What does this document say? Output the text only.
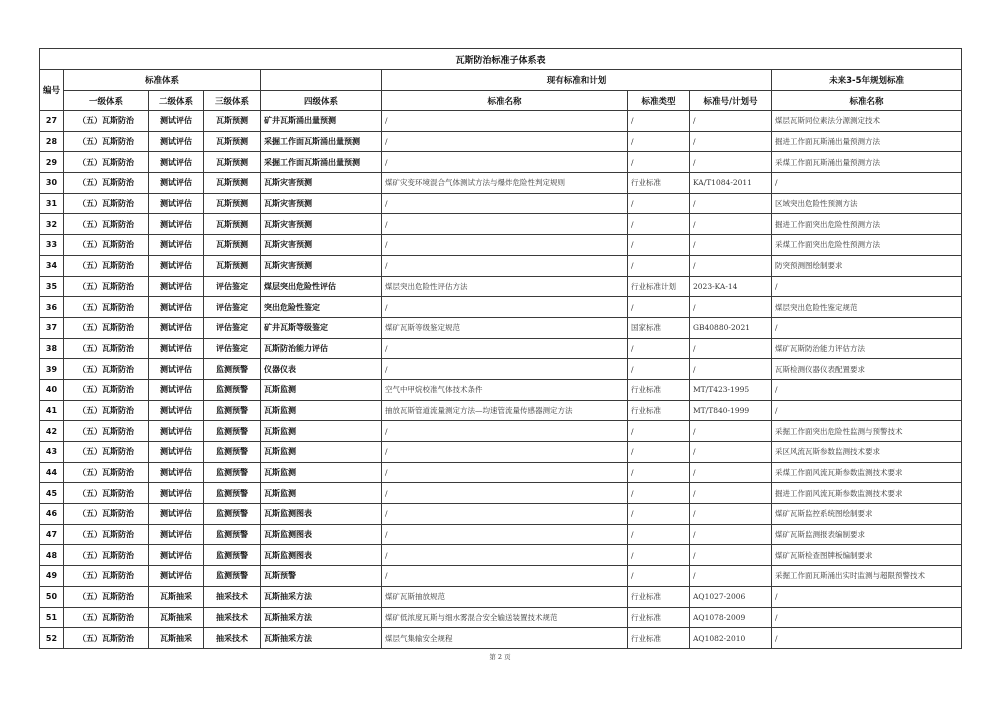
瓦斯防治标准子体系表								
编号	标准体系				现有标准和计划			未来3-5年规划标准
	一级体系	二级体系	三级体系	四级体系	标准名称	标准类型	标准号/计划号	标准名称
27	（五）瓦斯防治	测试评估	瓦斯预测	矿井瓦斯涌出量预测	/	/	/	煤层瓦斯同位素法分源测定技术
28	（五）瓦斯防治	测试评估	瓦斯预测	采掘工作面瓦斯涌出量预测	/	/	/	掘进工作面瓦斯涌出量预测方法
29	（五）瓦斯防治	测试评估	瓦斯预测	采掘工作面瓦斯涌出量预测	/	/	/	采煤工作面瓦斯涌出量预测方法
30	（五）瓦斯防治	测试评估	瓦斯预测	瓦斯灾害预测	煤矿灾变环境混合气体测试方法与爆炸危险性判定规则	行业标准	KA/T1084-2011	/
31	（五）瓦斯防治	测试评估	瓦斯预测	瓦斯灾害预测	/	/	/	区域突出危险性预测方法
32	（五）瓦斯防治	测试评估	瓦斯预测	瓦斯灾害预测	/	/	/	掘进工作面突出危险性预测方法
33	（五）瓦斯防治	测试评估	瓦斯预测	瓦斯灾害预测	/	/	/	采煤工作面突出危险性预测方法
34	（五）瓦斯防治	测试评估	瓦斯预测	瓦斯灾害预测	/	/	/	防突预测图绘制要求
35	（五）瓦斯防治	测试评估	评估鉴定	煤层突出危险性评估	煤层突出危险性评估方法	行业标准计划	2023-KA-14	/
36	（五）瓦斯防治	测试评估	评估鉴定	突出危险性鉴定	/	/	/	煤层突出危险性鉴定规范
37	（五）瓦斯防治	测试评估	评估鉴定	矿井瓦斯等级鉴定	煤矿瓦斯等级鉴定规范	国家标准	GB40880-2021	/
38	（五）瓦斯防治	测试评估	评估鉴定	瓦斯防治能力评估	/	/	/	煤矿瓦斯防治能力评估方法
39	（五）瓦斯防治	测试评估	监测预警	仪器仪表	/	/	/	瓦斯检测仪器仪表配置要求
40	（五）瓦斯防治	测试评估	监测预警	瓦斯监测	空气中甲烷校准气体技术条件	行业标准	MT/T423-1995	/
41	（五）瓦斯防治	测试评估	监测预警	瓦斯监测	抽放瓦斯管道流量测定方法—均速管流量传感器测定方法	行业标准	MT/T840-1999	/
42	（五）瓦斯防治	测试评估	监测预警	瓦斯监测	/	/	/	采掘工作面突出危险性监测与预警技术
43	（五）瓦斯防治	测试评估	监测预警	瓦斯监测	/	/	/	采区风流瓦斯参数监测技术要求
44	（五）瓦斯防治	测试评估	监测预警	瓦斯监测	/	/	/	采煤工作面风流瓦斯参数监测技术要求
45	（五）瓦斯防治	测试评估	监测预警	瓦斯监测	/	/	/	掘进工作面风流瓦斯参数监测技术要求
46	（五）瓦斯防治	测试评估	监测预警	瓦斯监测图表	/	/	/	煤矿瓦斯监控系统图绘制要求
47	（五）瓦斯防治	测试评估	监测预警	瓦斯监测图表	/	/	/	煤矿瓦斯监测报表编制要求
48	（五）瓦斯防治	测试评估	监测预警	瓦斯监测图表	/	/	/	煤矿瓦斯检查图牌板编制要求
49	（五）瓦斯防治	测试评估	监测预警	瓦斯预警	/	/	/	采掘工作面瓦斯涌出实时监测与超限预警技术
50	（五）瓦斯防治	瓦斯抽采	抽采技术	瓦斯抽采方法	煤矿瓦斯抽放规范	行业标准	AQ1027-2006	/
51	（五）瓦斯防治	瓦斯抽采	抽采技术	瓦斯抽采方法	煤矿低浓度瓦斯与细水雾混合安全输送装置技术规范	行业标准	AQ1078-2009	/
52	（五）瓦斯防治	瓦斯抽采	抽采技术	瓦斯抽采方法	煤层气集输安全规程	行业标准	AQ1082-2010	/
第 2 页
